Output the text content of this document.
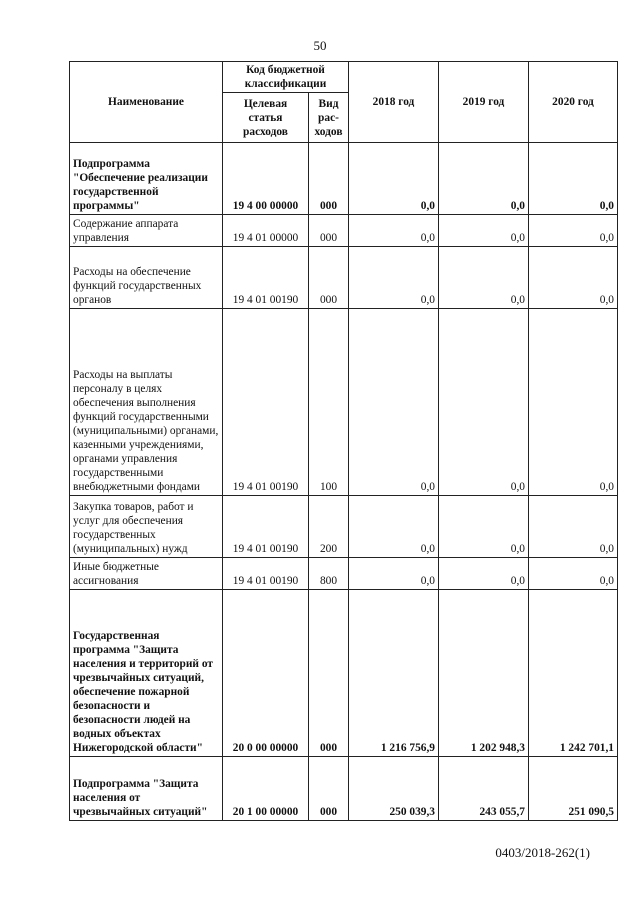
50
Наименование	Код бюджетной классификации		2018 год	2019 год	2020 год
	Целевая статья расходов	Вид рас-ходов			
Подпрограмма "Обеспечение реализации государственной программы"	19 4 00 00000	000	0,0	0,0	0,0
Содержание аппарата управления	19 4 01 00000	000	0,0	0,0	0,0
Расходы на обеспечение функций государственных органов	19 4 01 00190	000	0,0	0,0	0,0
Расходы на выплаты персоналу в целях обеспечения выполнения функций государственными (муниципальными) органами, казенными учреждениями, органами управления государственными внебюджетными фондами	19 4 01 00190	100	0,0	0,0	0,0
Закупка товаров, работ и услуг для обеспечения государственных (муниципальных) нужд	19 4 01 00190	200	0,0	0,0	0,0
Иные бюджетные ассигнования	19 4 01 00190	800	0,0	0,0	0,0
Государственная программа "Защита населения и территорий от чрезвычайных ситуаций, обеспечение пожарной безопасности и безопасности людей на водных объектах Нижегородской области"	20 0 00 00000	000	1 216 756,9	1 202 948,3	1 242 701,1
Подпрограмма "Защита населения от чрезвычайных ситуаций"	20 1 00 00000	000	250 039,3	243 055,7	251 090,5
0403/2018-262(1)
